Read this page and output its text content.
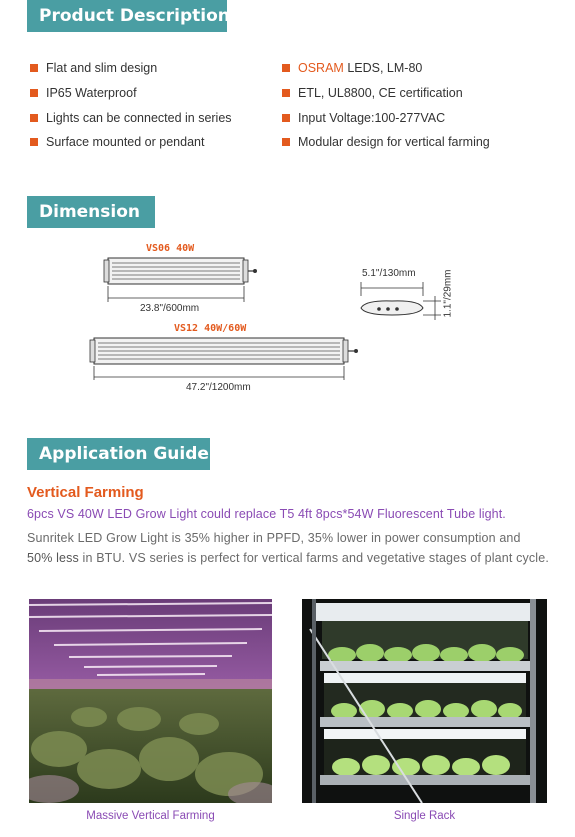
Product Description
Flat and slim design
IP65 Waterproof
Lights can be connected in series
Surface mounted or pendant
OSRAM LEDS, LM-80
ETL, UL8800, CE certification
Input Voltage:100-277VAC
Modular design for vertical farming
Dimension
VS06 40W
23.8"/600mm
VS12 40W/60W
47.2"/1200mm
5.1"/130mm	1.1"/29mm
Application Guide
Vertical Farming
6pcs VS 40W LED Grow Light could replace T5 4ft 8pcs*54W Fluorescent Tube light.
Sunritek LED Grow Light is 35% higher in PPFD, 35% lower in power consumption and
50% less in BTU. VS series is perfect for vertical farms and vegetative stages of plant cycle.
Massive Vertical Farming	Single Rack
